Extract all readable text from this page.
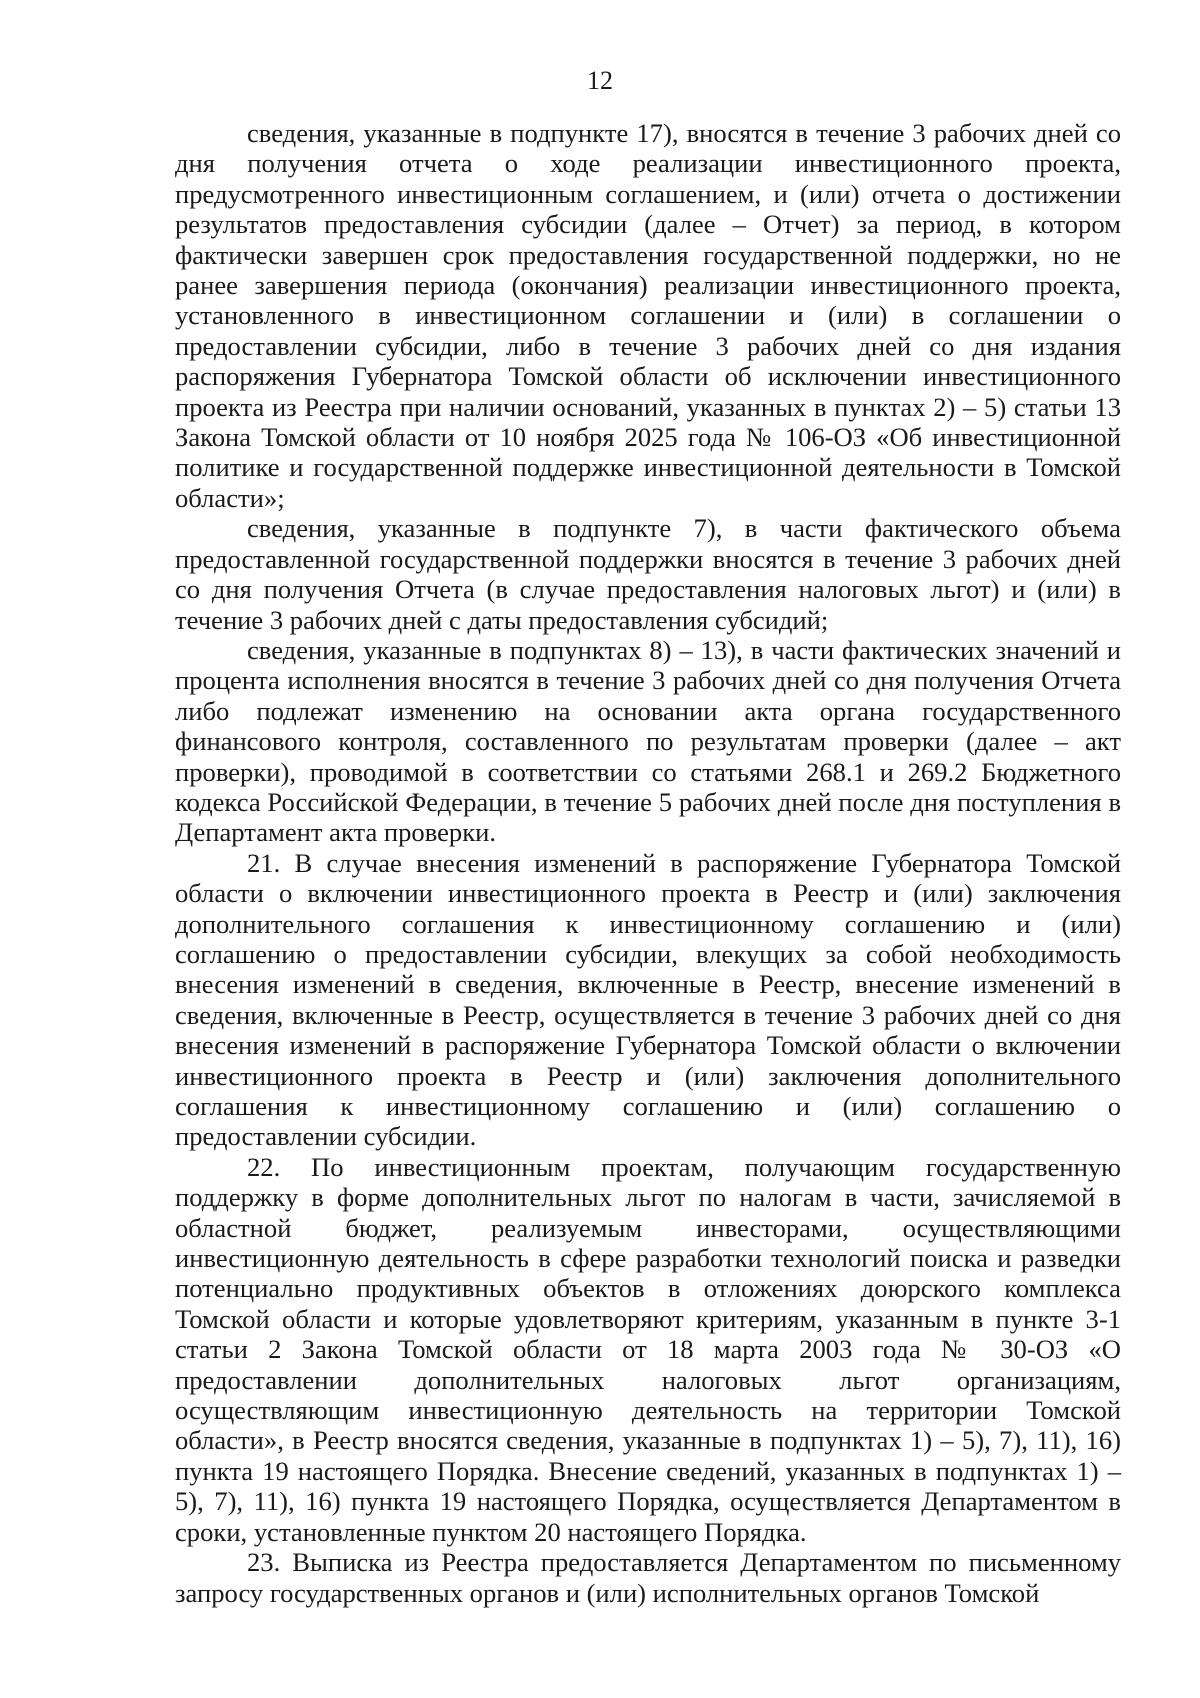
12

сведения, указанные в подпункте 17), вносятся в течение 3 рабочих дней со дня получения отчета о ходе реализации инвестиционного проекта, предусмотренного инвестиционным соглашением, и (или) отчета о достижении результатов предоставления субсидии (далее – Отчет) за период, в котором фактически завершен срок предоставления государственной поддержки, но не ранее завершения периода (окончания) реализации инвестиционного проекта, установленного в инвестиционном соглашении и (или) в соглашении о предоставлении субсидии, либо в течение 3 рабочих дней со дня издания распоряжения Губернатора Томской области об исключении инвестиционного проекта из Реестра при наличии оснований, указанных в пунктах 2) – 5) статьи 13 Закона Томской области от 10 ноября 2025 года № 106-ОЗ «Об инвестиционной политике и государственной поддержке инвестиционной деятельности в Томской области»;

сведения, указанные в подпункте 7), в части фактического объема предоставленной государственной поддержки вносятся в течение 3 рабочих дней со дня получения Отчета (в случае предоставления налоговых льгот) и (или) в течение 3 рабочих дней с даты предоставления субсидий;

сведения, указанные в подпунктах 8) – 13), в части фактических значений и процента исполнения вносятся в течение 3 рабочих дней со дня получения Отчета либо подлежат изменению на основании акта органа государственного финансового контроля, составленного по результатам проверки (далее – акт проверки), проводимой в соответствии со статьями 268.1 и 269.2 Бюджетного кодекса Российской Федерации, в течение 5 рабочих дней после дня поступления в Департамент акта проверки.

21. В случае внесения изменений в распоряжение Губернатора Томской области о включении инвестиционного проекта в Реестр и (или) заключения дополнительного соглашения к инвестиционному соглашению и (или) соглашению о предоставлении субсидии, влекущих за собой необходимость внесения изменений в сведения, включенные в Реестр, внесение изменений в сведения, включенные в Реестр, осуществляется в течение 3 рабочих дней со дня внесения изменений в распоряжение Губернатора Томской области о включении инвестиционного проекта в Реестр и (или) заключения дополнительного соглашения к инвестиционному соглашению и (или) соглашению о предоставлении субсидии.

22. По инвестиционным проектам, получающим государственную поддержку в форме дополнительных льгот по налогам в части, зачисляемой в областной бюджет, реализуемым инвесторами, осуществляющими инвестиционную деятельность в сфере разработки технологий поиска и разведки потенциально продуктивных объектов в отложениях доюрского комплекса Томской области и которые удовлетворяют критериям, указанным в пункте 3-1 статьи 2 Закона Томской области от 18 марта 2003 года № 30-ОЗ «О предоставлении дополнительных налоговых льгот организациям, осуществляющим инвестиционную деятельность на территории Томской области», в Реестр вносятся сведения, указанные в подпунктах 1) – 5), 7), 11), 16) пункта 19 настоящего Порядка. Внесение сведений, указанных в подпунктах 1) – 5), 7), 11), 16) пункта 19 настоящего Порядка, осуществляется Департаментом в сроки, установленные пунктом 20 настоящего Порядка.

23. Выписка из Реестра предоставляется Департаментом по письменному запросу государственных органов и (или) исполнительных органов Томской
